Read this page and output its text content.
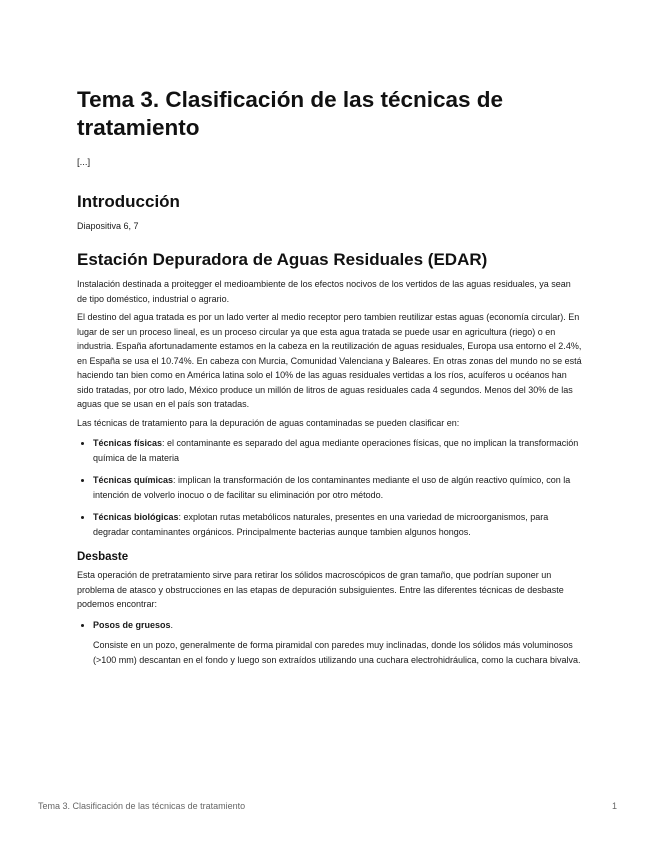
Tema 3. Clasificación de las técnicas de tratamiento

[...]

Introducción

Diapositiva 6, 7

Estación Depuradora de Aguas Residuales (EDAR)

Instalación destinada a proitegger el medioambiente de los efectos nocivos de los vertidos de las aguas residuales, ya sean de tipo doméstico, industrial o agrario.

El destino del agua tratada es por un lado verter al medio receptor pero tambien reutilizar estas aguas (economía circular). En lugar de ser un proceso lineal, es un proceso circular ya que esta agua tratada se puede usar en agricultura (riego) o en industria. España afortunadamente estamos en la cabeza en la reutilización de aguas residuales, Europa usa entorno el 2.4%, en España se usa el 10.74%. En cabeza con Murcia, Comunidad Valenciana y Baleares. En otras zonas del mundo no se está haciendo tan bien como en América latina solo el 10% de las aguas residuales vertidas a los ríos, acuíferos u océanos han sido tratadas, por otro lado, México produce un millón de litros de aguas residuales cada 4 segundos. Menos del 30% de las aguas que se usan en el país son tratadas.

Las técnicas de tratamiento para la depuración de aguas contaminadas se pueden clasificar en:

• Técnicas físicas: el contaminante es separado del agua mediante operaciones físicas, que no implican la transformación química de la materia
• Técnicas químicas: implican la transformación de los contaminantes mediante el uso de algún reactivo químico, con la intención de volverlo inocuo o de facilitar su eliminación por otro método.
• Técnicas biológicas: explotan rutas metabólicos naturales, presentes en una variedad de microorganismos, para degradar contaminantes orgánicos. Principalmente bacterias aunque tambien algunos hongos.
Desbaste

Esta operación de pretratamiento sirve para retirar los sólidos macroscópicos de gran tamaño, que podrían suponer un problema de atasco y obstrucciones en las etapas de depuración subsiguientes. Entre las diferentes técnicas de desbaste podemos encontrar:

• Posos de gruesos.

Consiste en un pozo, generalmente de forma piramidal con paredes muy inclinadas, donde los sólidos más voluminosos (>100 mm) descantan en el fondo y luego son extraídos utilizando una cuchara electrohidráulica, como la cuchara bivalva.

Tema 3. Clasificación de las técnicas de tratamiento	1
